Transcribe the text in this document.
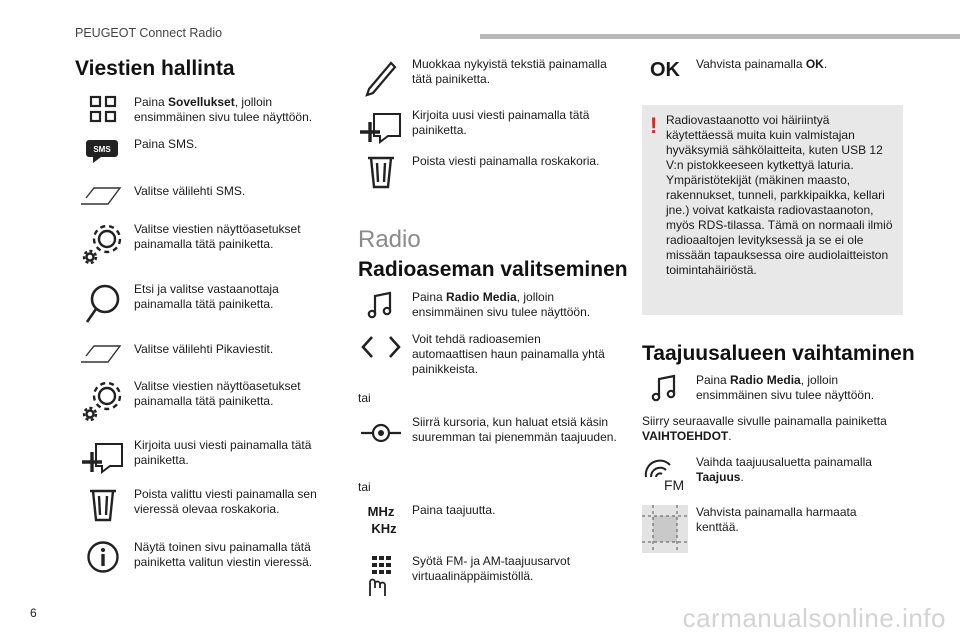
PEUGEOT Connect Radio
6	carmanualsonline.info
Viestien hallinta
Paina Sovellukset, jolloin ensimmäinen sivu tulee näyttöön.
SMS	Paina SMS.
Valitse välilehti SMS.
Valitse viestien näyttöasetukset painamalla tätä painiketta.
Etsi ja valitse vastaanottaja painamalla tätä painiketta.
Valitse välilehti Pikaviestit.
Valitse viestien näyttöasetukset painamalla tätä painiketta.
Kirjoita uusi viesti painamalla tätä painiketta.
Poista valittu viesti painamalla sen vieressä olevaa roskakoria.
Näytä toinen sivu painamalla tätä painiketta valitun viestin vieressä.
Muokkaa nykyistä tekstiä painamalla tätä painiketta.
Kirjoita uusi viesti painamalla tätä painiketta.
Poista viesti painamalla roskakoria.
Radio
Radioaseman valitseminen
Paina Radio Media, jolloin ensimmäinen sivu tulee näyttöön.
Voit tehdä radioasemien automaattisen haun painamalla yhtä painikkeista.
tai
Siirrä kursoria, kun haluat etsiä käsin suuremman tai pienemmän taajuuden.
tai
MHz
KHz
Paina taajuutta.
Syötä FM- ja AM-taajuusarvot virtuaalinäppäimistöllä.
OK	Vahvista painamalla OK.
! Radiovastaanotto voi häiriintyä käytettäessä muita kuin valmistajan hyväksymiä sähkölaitteita, kuten USB 12 V:n pistokkeeseen kytkettyä laturia. Ympäristötekijät (mäkinen maasto, rakennukset, tunneli, parkkipaikka, kellari jne.) voivat katkaista radiovastaanoton, myös RDS-tilassa. Tämä on normaali ilmiö radioaaltojen levityksessä ja se ei ole missään tapauksessa oire audiolaitteiston toimintahäiriöstä.
Taajuusalueen vaihtaminen
Paina Radio Media, jolloin ensimmäinen sivu tulee näyttöön.
Siirry seuraavalle sivulle painamalla painiketta VAIHTOEHDOT.
FM
Vaihda taajuusaluetta painamalla Taajuus.
Vahvista painamalla harmaata kenttää.
